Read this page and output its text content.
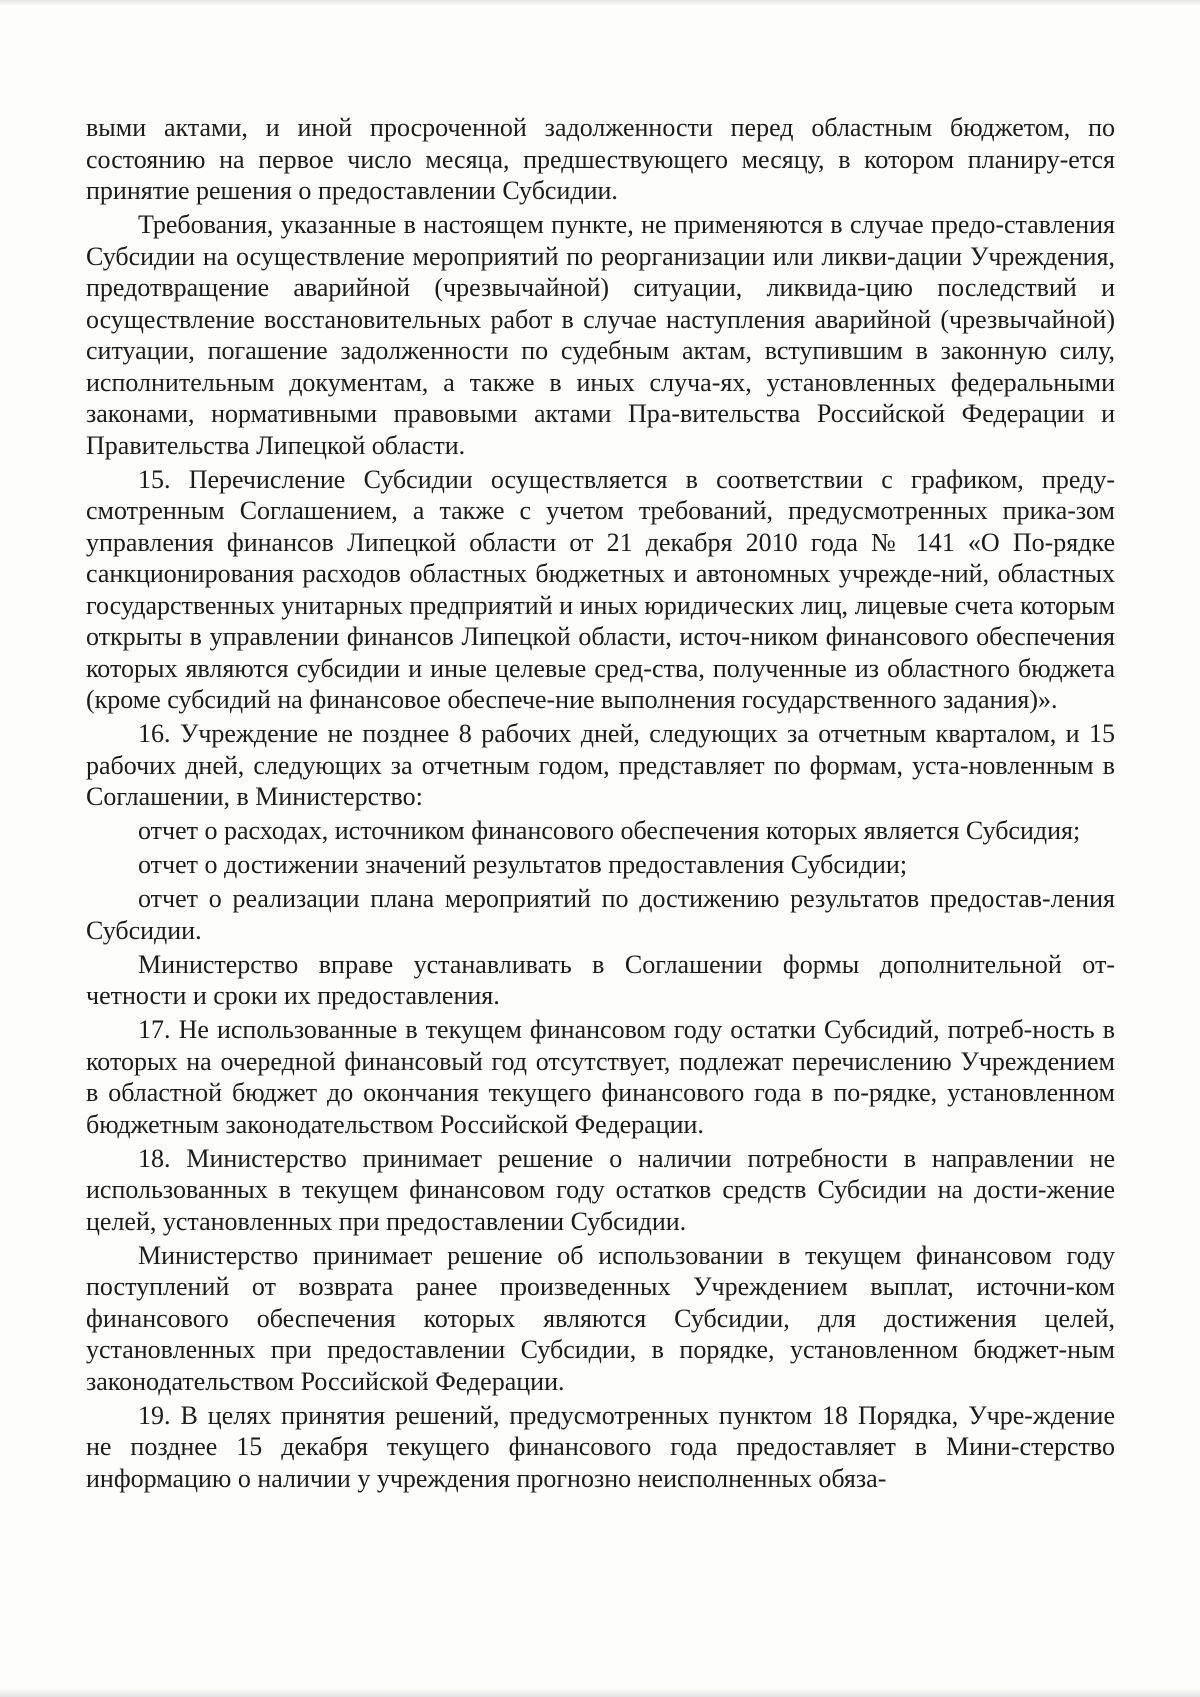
выми актами, и иной просроченной задолженности перед областным бюджетом, по состоянию на первое число месяца, предшествующего месяцу, в котором планиру-ется принятие решения о предоставлении Субсидии.

Требования, указанные в настоящем пункте, не применяются в случае предо-ставления Субсидии на осуществление мероприятий по реорганизации или ликви-дации Учреждения, предотвращение аварийной (чрезвычайной) ситуации, ликвида-цию последствий и осуществление восстановительных работ в случае наступления аварийной (чрезвычайной) ситуации, погашение задолженности по судебным актам, вступившим в законную силу, исполнительным документам, а также в иных случа-ях, установленных федеральными законами, нормативными правовыми актами Пра-вительства Российской Федерации и Правительства Липецкой области.

15. Перечисление Субсидии осуществляется в соответствии с графиком, преду-смотренным Соглашением, а также с учетом требований, предусмотренных прика-зом управления финансов Липецкой области от 21 декабря 2010 года № 141 «О По-рядке санкционирования расходов областных бюджетных и автономных учрежде-ний, областных государственных унитарных предприятий и иных юридических лиц, лицевые счета которым открыты в управлении финансов Липецкой области, источ-ником финансового обеспечения которых являются субсидии и иные целевые сред-ства, полученные из областного бюджета (кроме субсидий на финансовое обеспече-ние выполнения государственного задания)».

16. Учреждение не позднее 8 рабочих дней, следующих за отчетным кварталом, и 15 рабочих дней, следующих за отчетным годом, представляет по формам, уста-новленным в Соглашении, в Министерство:

отчет о расходах, источником финансового обеспечения которых является Субсидия;

отчет о достижении значений результатов предоставления Субсидии;

отчет о реализации плана мероприятий по достижению результатов предостав-ления Субсидии.

Министерство вправе устанавливать в Соглашении формы дополнительной от-четности и сроки их предоставления.

17. Не использованные в текущем финансовом году остатки Субсидий, потреб-ность в которых на очередной финансовый год отсутствует, подлежат перечислению Учреждением в областной бюджет до окончания текущего финансового года в по-рядке, установленном бюджетным законодательством Российской Федерации.

18. Министерство принимает решение о наличии потребности в направлении не использованных в текущем финансовом году остатков средств Субсидии на дости-жение целей, установленных при предоставлении Субсидии.

Министерство принимает решение об использовании в текущем финансовом году поступлений от возврата ранее произведенных Учреждением выплат, источни-ком финансового обеспечения которых являются Субсидии, для достижения целей, установленных при предоставлении Субсидии, в порядке, установленном бюджет-ным законодательством Российской Федерации.

19. В целях принятия решений, предусмотренных пунктом 18 Порядка, Учре-ждение не позднее 15 декабря текущего финансового года предоставляет в Мини-стерство информацию о наличии у учреждения прогнозно неисполненных обяза-
